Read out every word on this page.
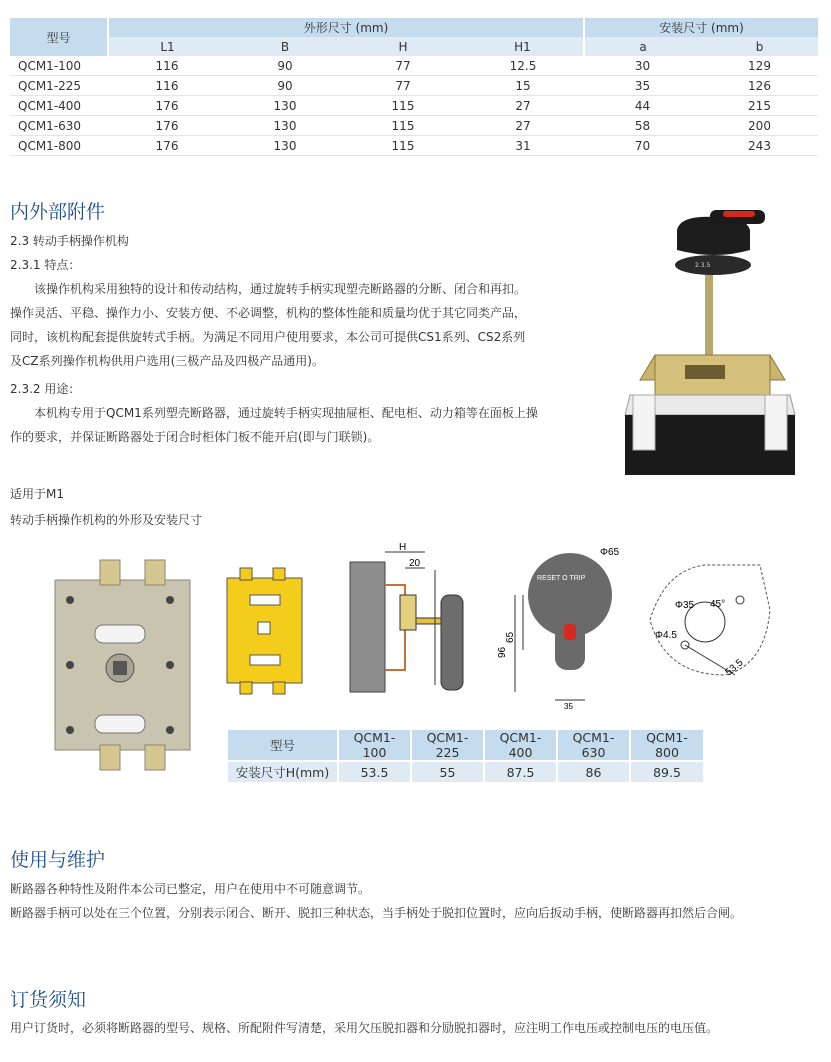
型号	外形尺寸 (mm)				安装尺寸 (mm)	
	L1	B	H	H1	a	b
QCM1-100	116	90	77	12.5	30	129
QCM1-225	116	90	77	15	35	126
QCM1-400	176	130	115	27	44	215
QCM1-630	176	130	115	27	58	200
QCM1-800	176	130	115	31	70	243
内外部附件
2.3 转动手柄操作机构
2.3.1 特点：
该操作机构采用独特的设计和传动结构，通过旋转手柄实现塑壳断路器的分断、闭合和再扣。
操作灵活、平稳、操作力小、安装方便、不必调整，机构的整体性能和质量均优于其它同类产品，
同时，该机构配套提供旋转式手柄。为满足不同用户使用要求，本公司可提供CS1系列、CS2系列
及CZ系列操作机构供用户选用(三极产品及四极产品通用)。
2.3.2 用途：
本机构专用于QCM1系列塑壳断路器，通过旋转手柄实现抽屉柜、配电柜、动力箱等在面板上操
作的要求，并保证断路器处于闭合时柜体门板不能开启(即与门联锁)。
适用于M1
转动手柄操作机构的外形及安装尺寸
2.3.5
H
20
RESET O TRIP
Φ65
65
96
35
Φ35 45°
Φ4.5
53.5
型号	QCM1-100	QCM1-225	QCM1-400	QCM1-630	QCM1-800
安装尺寸H(mm)	53.5	55	87.5	86	89.5
使用与维护
断路器各种特性及附件本公司已整定，用户在使用中不可随意调节。
断路器手柄可以处在三个位置，分别表示闭合、断开、脱扣三种状态，当手柄处于脱扣位置时，应向后扳动手柄，使断路器再扣然后合闸。
订货须知
用户订货时，必须将断路器的型号、规格、所配附件写清楚，采用欠压脱扣器和分励脱扣器时，应注明工作电压或控制电压的电压值。
